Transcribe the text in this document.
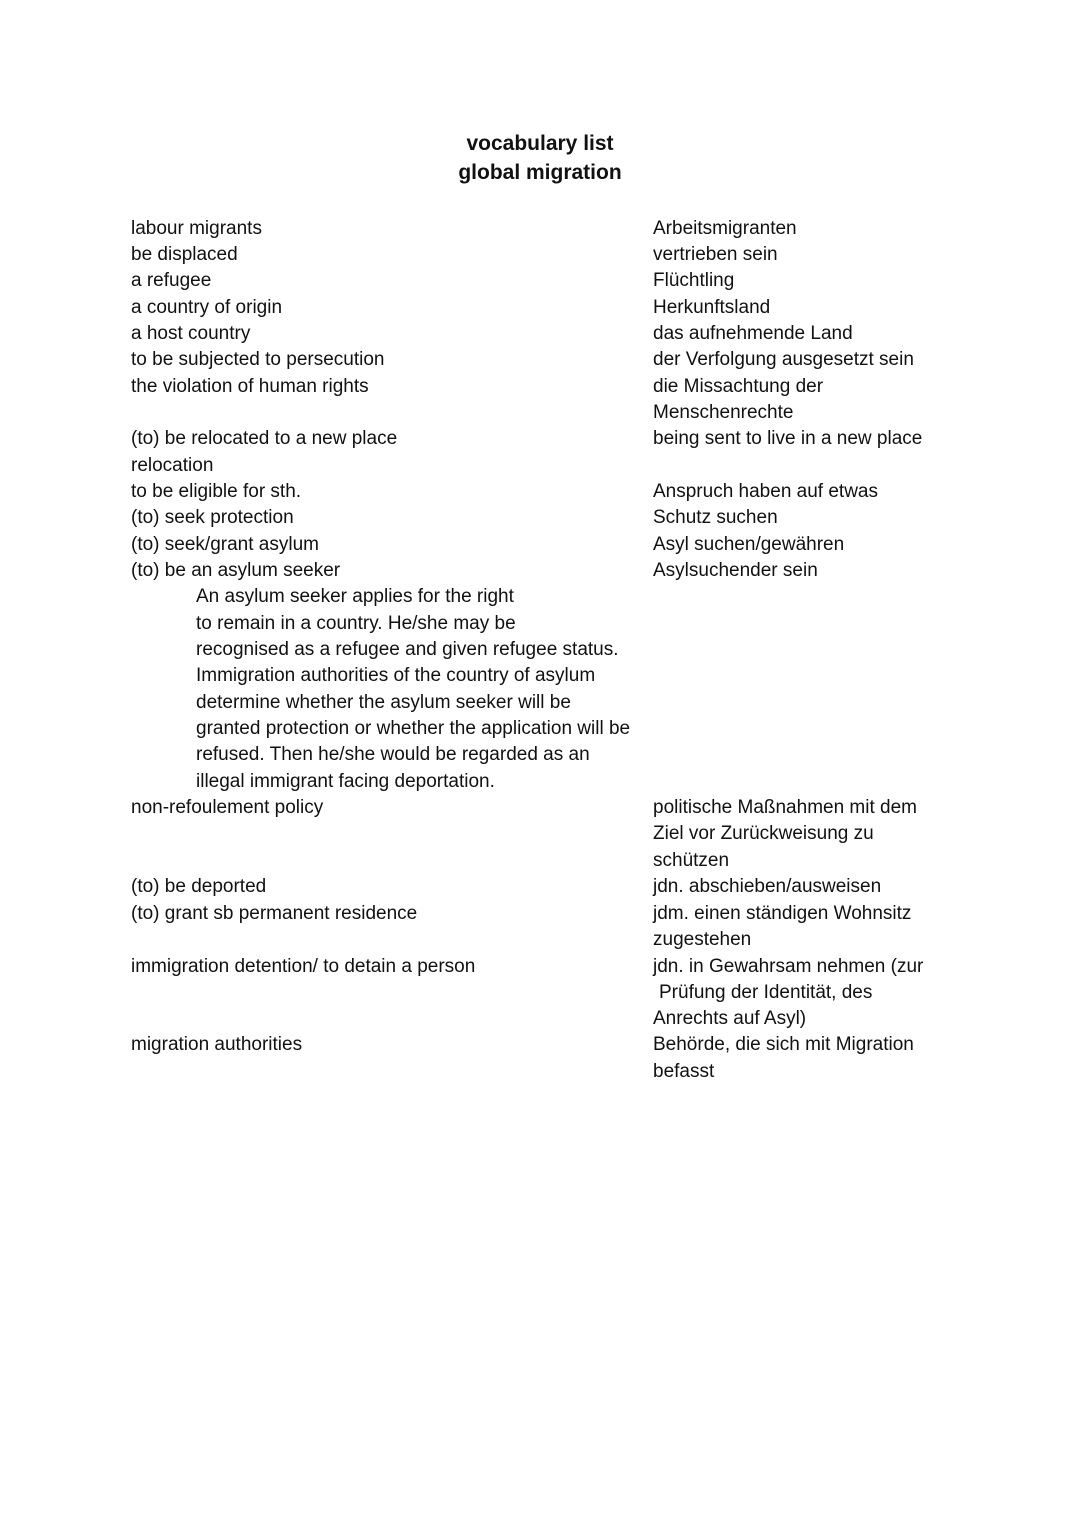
vocabulary list
global migration
labour migrants
be displaced
a refugee
a country of origin
a host country
to be subjected to persecution
the violation of human rights
(to) be relocated to a new place
relocation
to be eligible for sth.
(to) seek protection
(to) seek/grant asylum
(to) be an asylum seeker
non-refoulement policy
(to) be deported
(to) grant sb permanent residence
immigration detention/ to detain a person
migration authorities
An asylum seeker applies for the right
to remain in a country. He/she may be
recognised as a refugee and given refugee status.
Immigration authorities of the country of asylum
determine whether the asylum seeker will be
granted protection or whether the application will be
refused. Then he/she would be regarded as an
illegal immigrant facing deportation.
Arbeitsmigranten
vertrieben sein
Flüchtling
Herkunftsland
das aufnehmende Land
der Verfolgung ausgesetzt sein
die Missachtung der
Menschenrechte
being sent to live in a new place
Anspruch haben auf etwas
Schutz suchen
Asyl suchen/gewähren
Asylsuchender sein
politische Maßnahmen mit dem
Ziel vor Zurückweisung zu
schützen
jdn. abschieben/ausweisen
jdm. einen ständigen Wohnsitz
zugestehen
jdn. in Gewahrsam nehmen (zur
Prüfung der Identität, des
Anrechts auf Asyl)
Behörde, die sich mit Migration
befasst
